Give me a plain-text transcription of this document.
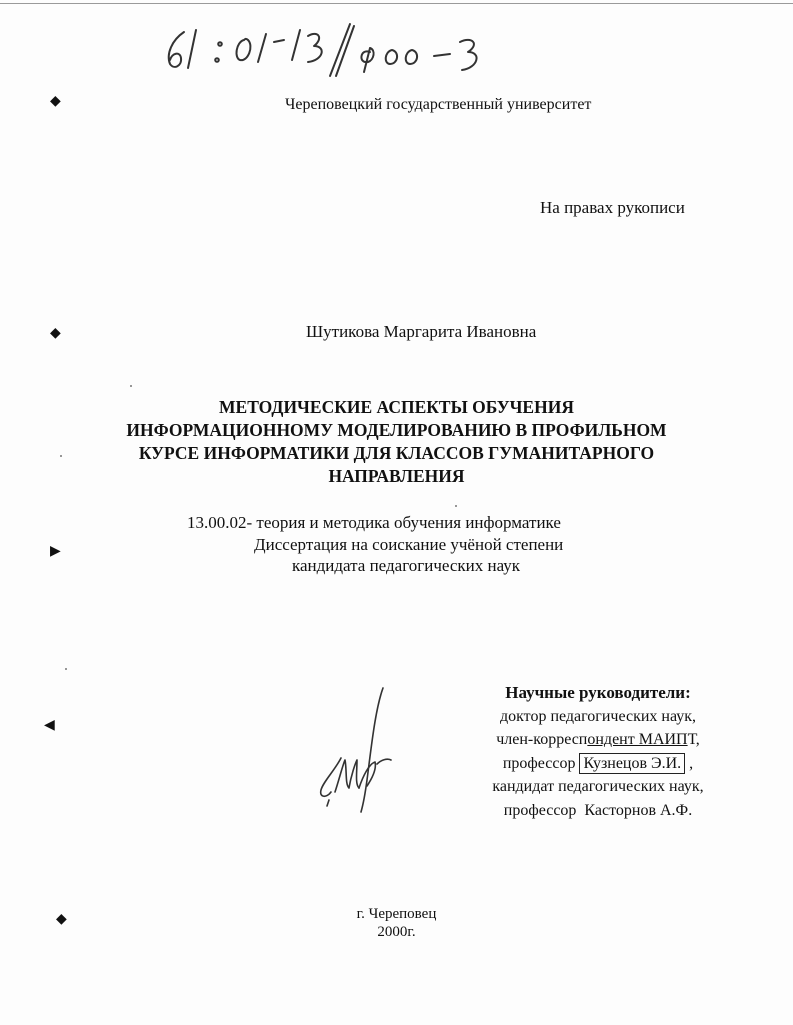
◆
◆
▶
◀
◆
Череповецкий государственный университет
На правах рукописи
Шутикова Маргарита Ивановна
МЕТОДИЧЕСКИЕ АСПЕКТЫ ОБУЧЕНИЯ
ИНФОРМАЦИОННОМУ МОДЕЛИРОВАНИЮ В ПРОФИЛЬНОМ
КУРСЕ ИНФОРМАТИКИ ДЛЯ КЛАССОВ ГУМАНИТАРНОГО
НАПРАВЛЕНИЯ
13.00.02- теория и методика обучения информатике
Диссертация на соискание учёной степени
кандидата педагогических наук
Научные руководители:
доктор педагогических наук,
член-корреспондент МАИПТ,
профессор Кузнецов Э.И. ,
кандидат педагогических наук,
профессор  Касторнов А.Ф.
г. Череповец
2000г.
